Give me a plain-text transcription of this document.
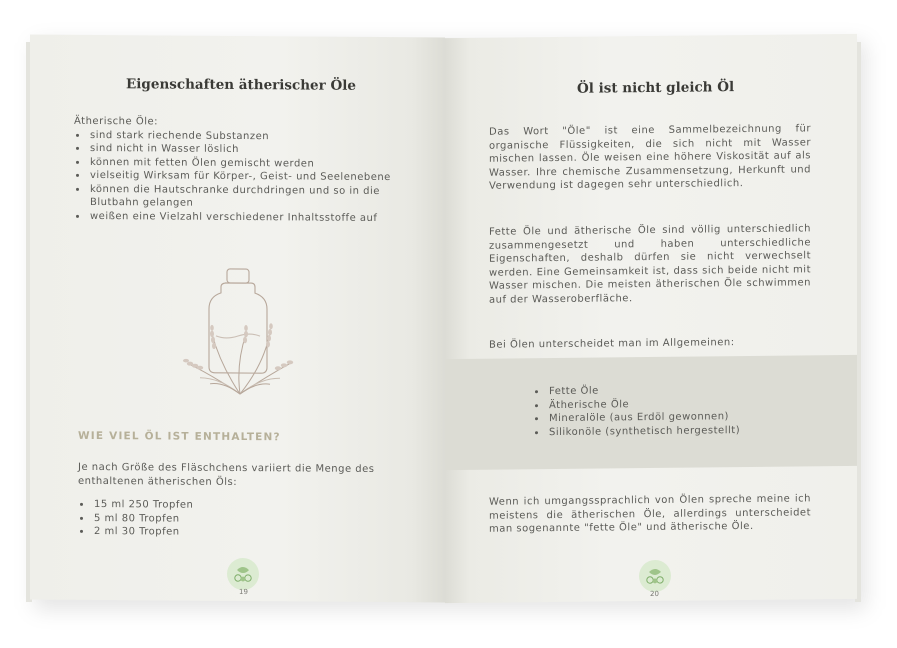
Eigenschaften ätherischer Öle
Ätherische Öle:
• sind stark riechende Substanzen
• sind nicht in Wasser löslich
• können mit fetten Ölen gemischt werden
• vielseitig Wirksam für Körper-, Geist- und Seelenebene
• können die Hautschranke durchdringen und so in die Blutbahn gelangen
• weißen eine Vielzahl verschiedener Inhaltsstoffe auf
WIE VIEL ÖL IST ENTHALTEN?
Je nach Größe des Fläschchens variiert die Menge des enthaltenen ätherischen Öls:
• 15 ml 250 Tropfen
• 5 ml 80 Tropfen
• 2 ml 30 Tropfen
19
Öl ist nicht gleich Öl

Das Wort "Öle" ist eine Sammelbezeichnung für organische Flüssigkeiten, die sich nicht mit Wasser mischen lassen. Öle weisen eine höhere Viskosität auf als Wasser. Ihre chemische Zusammensetzung, Herkunft und Verwendung ist dagegen sehr unterschiedlich.

Fette Öle und ätherische Öle sind völlig unterschiedlich zusammengesetzt und haben unterschiedliche Eigenschaften, deshalb dürfen sie nicht verwechselt werden. Eine Gemeinsamkeit ist, dass sich beide nicht mit Wasser mischen. Die meisten ätherischen Öle schwimmen auf der Wasseroberfläche.

Bei Ölen unterscheidet man im Allgemeinen:

• Fette Öle
• Ätherische Öle
• Mineralöle (aus Erdöl gewonnen)
• Silikonöle (synthetisch hergestellt)

Wenn ich umgangssprachlich von Ölen spreche meine ich meistens die ätherischen Öle, allerdings unterscheidet man sogenannte "fette Öle" und ätherische Öle.

20
